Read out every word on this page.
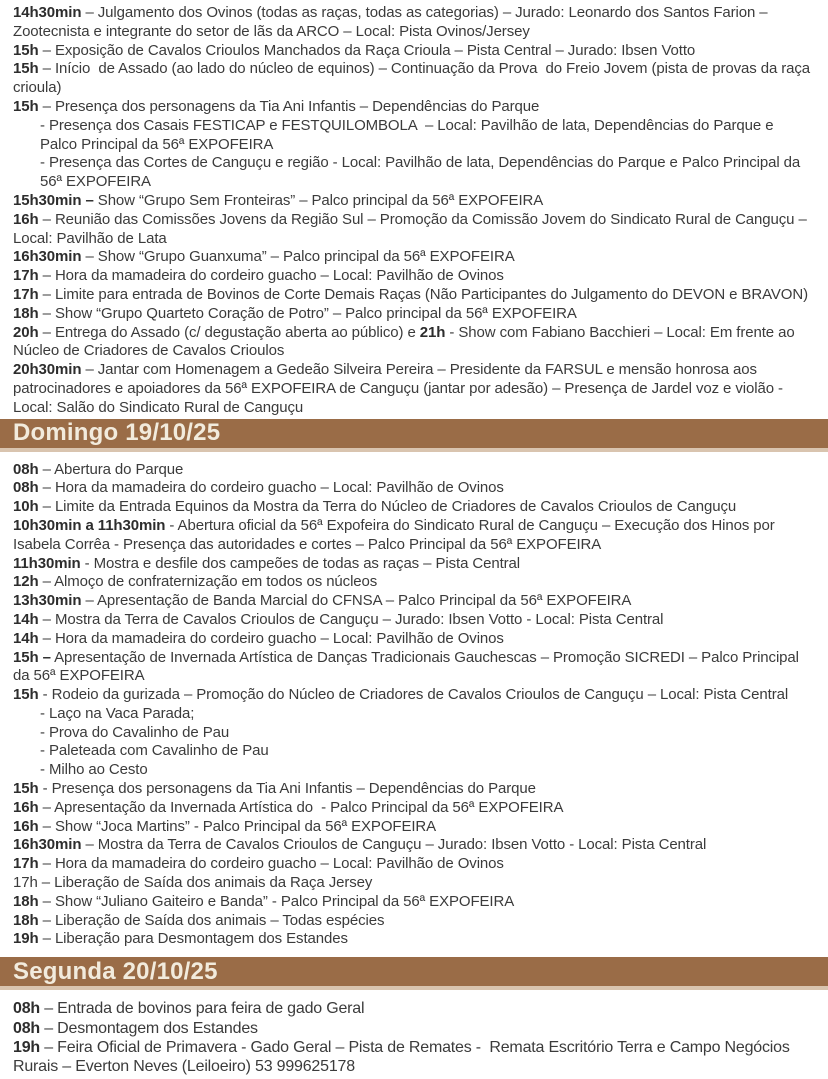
14h30min – Julgamento dos Ovinos (todas as raças, todas as categorias) – Jurado: Leonardo dos Santos Farion – Zootecnista e integrante do setor de lãs da ARCO – Local: Pista Ovinos/Jersey

15h – Exposição de Cavalos Crioulos Manchados da Raça Crioula – Pista Central – Jurado: Ibsen Votto

15h – Início  de Assado (ao lado do núcleo de equinos) – Continuação da Prova  do Freio Jovem (pista de provas da raça crioula)

15h – Presença dos personagens da Tia Ani Infantis – Dependências do Parque

- Presença dos Casais FESTICAP e FESTQUILOMBOLA  – Local: Pavilhão de lata, Dependências do Parque e Palco Principal da 56ª EXPOFEIRA

- Presença das Cortes de Canguçu e região - Local: Pavilhão de lata, Dependências do Parque e Palco Principal da 56ª EXPOFEIRA

15h30min – Show “Grupo Sem Fronteiras” – Palco principal da 56ª EXPOFEIRA

16h – Reunião das Comissões Jovens da Região Sul – Promoção da Comissão Jovem do Sindicato Rural de Canguçu – Local: Pavilhão de Lata

16h30min – Show “Grupo Guanxuma” – Palco principal da 56ª EXPOFEIRA

17h – Hora da mamadeira do cordeiro guacho – Local: Pavilhão de Ovinos

17h – Limite para entrada de Bovinos de Corte Demais Raças (Não Participantes do Julgamento do DEVON e BRAVON)

18h – Show “Grupo Quarteto Coração de Potro” – Palco principal da 56ª EXPOFEIRA

20h – Entrega do Assado (c/ degustação aberta ao público) e 21h - Show com Fabiano Bacchieri – Local: Em frente ao Núcleo de Criadores de Cavalos Crioulos

20h30min – Jantar com Homenagem a Gedeão Silveira Pereira – Presidente da FARSUL e mensão honrosa aos patrocinadores e apoiadores da 56ª EXPOFEIRA de Canguçu (jantar por adesão) – Presença de Jardel voz e violão - Local: Salão do Sindicato Rural de Canguçu

Domingo 19/10/25

08h – Abertura do Parque

08h – Hora da mamadeira do cordeiro guacho – Local: Pavilhão de Ovinos

10h – Limite da Entrada Equinos da Mostra da Terra do Núcleo de Criadores de Cavalos Crioulos de Canguçu

10h30min a 11h30min - Abertura oficial da 56ª Expofeira do Sindicato Rural de Canguçu – Execução dos Hinos por Isabela Corrêa - Presença das autoridades e cortes – Palco Principal da 56ª EXPOFEIRA

11h30min - Mostra e desfile dos campeões de todas as raças – Pista Central

12h – Almoço de confraternização em todos os núcleos

13h30min – Apresentação de Banda Marcial do CFNSA – Palco Principal da 56ª EXPOFEIRA

14h – Mostra da Terra de Cavalos Crioulos de Canguçu – Jurado: Ibsen Votto - Local: Pista Central

14h – Hora da mamadeira do cordeiro guacho – Local: Pavilhão de Ovinos

15h – Apresentação de Invernada Artística de Danças Tradicionais Gauchescas – Promoção SICREDI – Palco Principal da 56ª EXPOFEIRA

15h - Rodeio da gurizada – Promoção do Núcleo de Criadores de Cavalos Crioulos de Canguçu – Local: Pista Central

- Laço na Vaca Parada;

- Prova do Cavalinho de Pau

- Paleteada com Cavalinho de Pau

- Milho ao Cesto

15h - Presença dos personagens da Tia Ani Infantis – Dependências do Parque

16h – Apresentação da Invernada Artística do  - Palco Principal da 56ª EXPOFEIRA

16h – Show “Joca Martins” - Palco Principal da 56ª EXPOFEIRA

16h30min – Mostra da Terra de Cavalos Crioulos de Canguçu – Jurado: Ibsen Votto - Local: Pista Central

17h – Hora da mamadeira do cordeiro guacho – Local: Pavilhão de Ovinos

17h – Liberação de Saída dos animais da Raça Jersey

18h – Show “Juliano Gaiteiro e Banda” - Palco Principal da 56ª EXPOFEIRA

18h – Liberação de Saída dos animais – Todas espécies

19h – Liberação para Desmontagem dos Estandes

Segunda 20/10/25

08h – Entrada de bovinos para feira de gado Geral

08h – Desmontagem dos Estandes

19h – Feira Oficial de Primavera - Gado Geral – Pista de Remates -  Remata Escritório Terra e Campo Negócios Rurais – Everton Neves (Leiloeiro) 53 999625178
